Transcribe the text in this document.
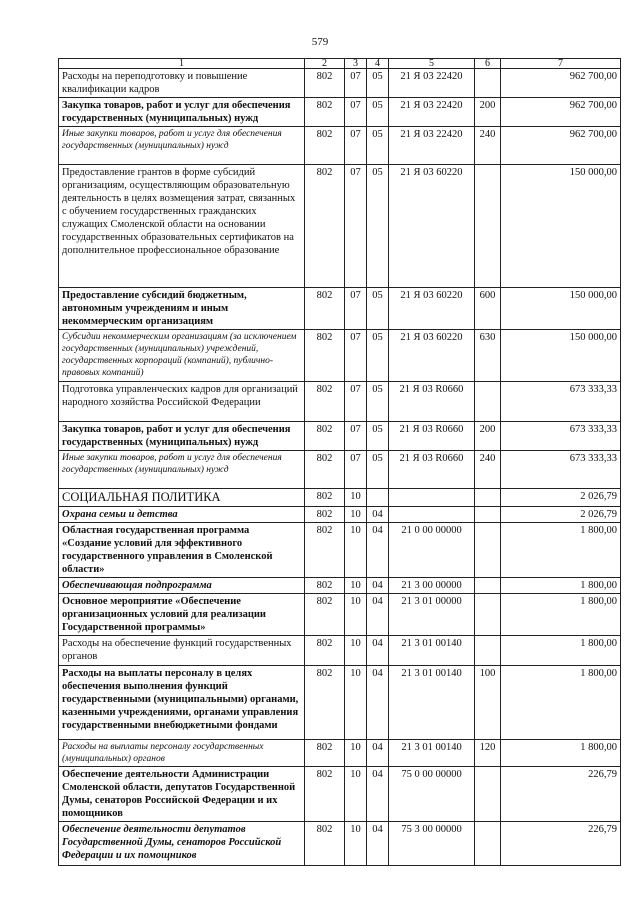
579
1	2	3	4	5	6	7
Расходы на переподготовку и повышение квалификации кадров	802	07	05	21 Я 03 22420		962 700,00
Закупка товаров, работ и услуг для обеспечения государственных (муниципальных) нужд	802	07	05	21 Я 03 22420	200	962 700,00
Иные закупки товаров, работ и услуг для обеспечения государственных (муниципальных) нужд	802	07	05	21 Я 03 22420	240	962 700,00
Предоставление грантов в форме субсидий организациям, осуществляющим образовательную деятельность в целях возмещения затрат, связанных с обучением государственных гражданских служащих Смоленской области на основании государственных образовательных сертификатов на дополнительное профессиональное образование	802	07	05	21 Я 03 60220		150 000,00
Предоставление субсидий бюджетным, автономным учреждениям и иным некоммерческим организациям	802	07	05	21 Я 03 60220	600	150 000,00
Субсидии некоммерческим организациям (за исключением государственных (муниципальных) учреждений, государственных корпораций (компаний), публично-правовых компаний)	802	07	05	21 Я 03 60220	630	150 000,00
Подготовка управленческих кадров для организаций народного хозяйства Российской Федерации	802	07	05	21 Я 03 R0660		673 333,33
Закупка товаров, работ и услуг для обеспечения государственных (муниципальных) нужд	802	07	05	21 Я 03 R0660	200	673 333,33
Иные закупки товаров, работ и услуг для обеспечения государственных (муниципальных) нужд	802	07	05	21 Я 03 R0660	240	673 333,33
СОЦИАЛЬНАЯ ПОЛИТИКА	802	10				2 026,79
Охрана семьи и детства	802	10	04			2 026,79
Областная государственная программа «Создание условий для эффективного государственного управления в Смоленской области»	802	10	04	21 0 00 00000		1 800,00
Обеспечивающая подпрограмма	802	10	04	21 3 00 00000		1 800,00
Основное мероприятие «Обеспечение организационных условий для реализации Государственной программы»	802	10	04	21 3 01 00000		1 800,00
Расходы на обеспечение функций государственных органов	802	10	04	21 3 01 00140		1 800,00
Расходы на выплаты персоналу в целях обеспечения выполнения функций государственными (муниципальными) органами, казенными учреждениями, органами управления государственными внебюджетными фондами	802	10	04	21 3 01 00140	100	1 800,00
Расходы на выплаты персоналу государственных (муниципальных) органов	802	10	04	21 3 01 00140	120	1 800,00
Обеспечение деятельности Администрации Смоленской области, депутатов Государственной Думы, сенаторов Российской Федерации и их помощников	802	10	04	75 0 00 00000		226,79
Обеспечение деятельности депутатов Государственной Думы, сенаторов Российской Федерации и их помощников	802	10	04	75 3 00 00000		226,79
